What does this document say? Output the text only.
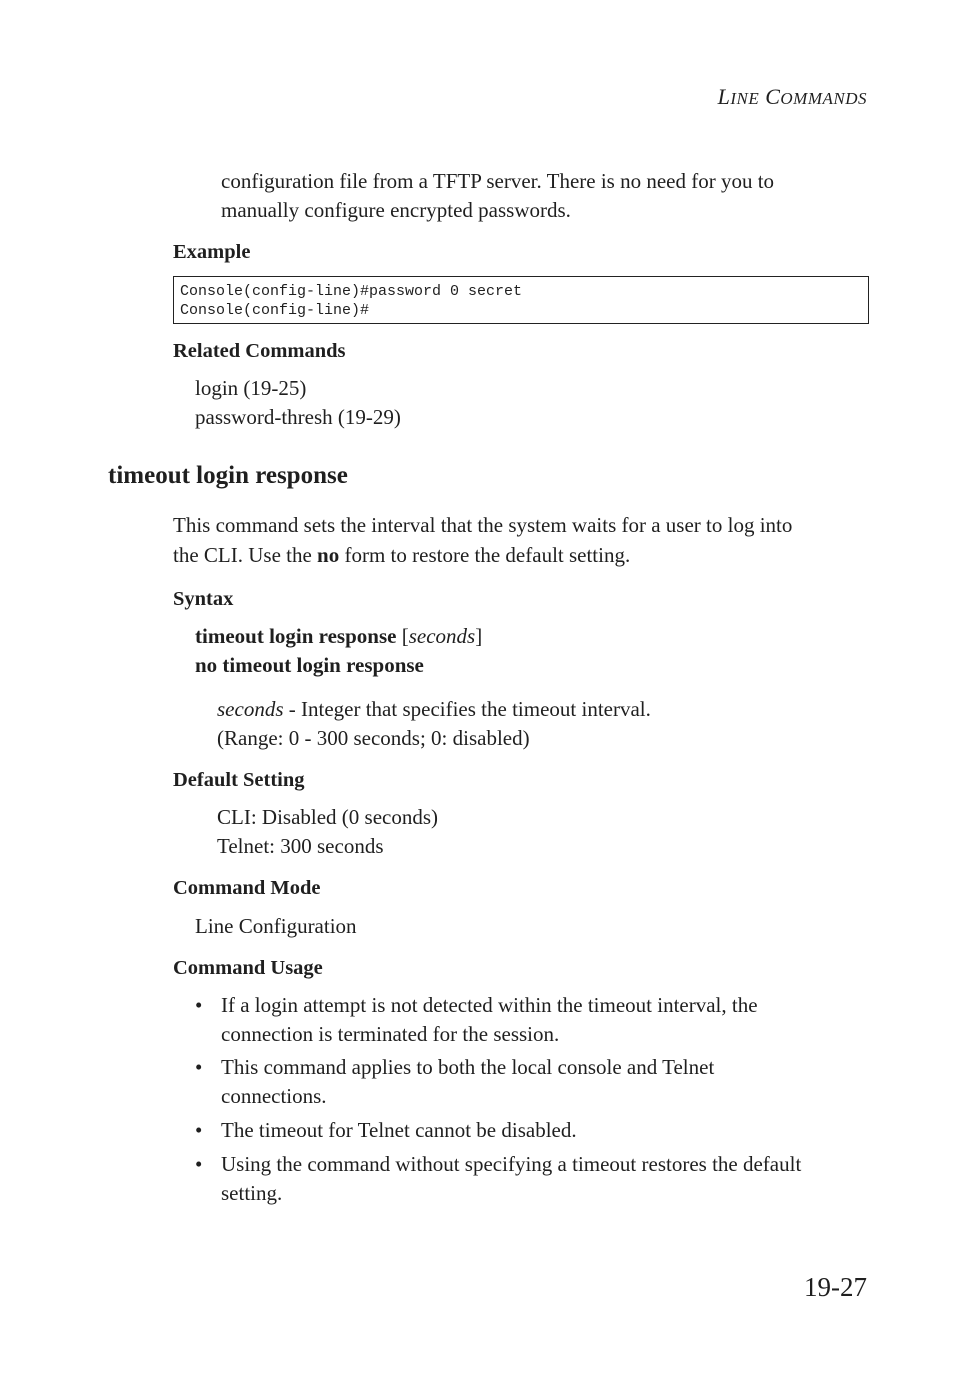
LINE COMMANDS
configuration file from a TFTP server. There is no need for you to
manually configure encrypted passwords.
Example
Console(config-line)#password 0 secret
Console(config-line)#
Related Commands
login (19-25)
password-thresh (19-29)
timeout login response
This command sets the interval that the system waits for a user to log into
the CLI. Use the no form to restore the default setting.
Syntax
timeout login response [seconds]
no timeout login response
seconds - Integer that specifies the timeout interval.
(Range: 0 - 300 seconds; 0: disabled)
Default Setting
CLI: Disabled (0 seconds)
Telnet: 300 seconds
Command Mode
Line Configuration
Command Usage
• If a login attempt is not detected within the timeout interval, the
connection is terminated for the session.
• This command applies to both the local console and Telnet
connections.
• The timeout for Telnet cannot be disabled.
• Using the command without specifying a timeout restores the default
setting.
19-27
